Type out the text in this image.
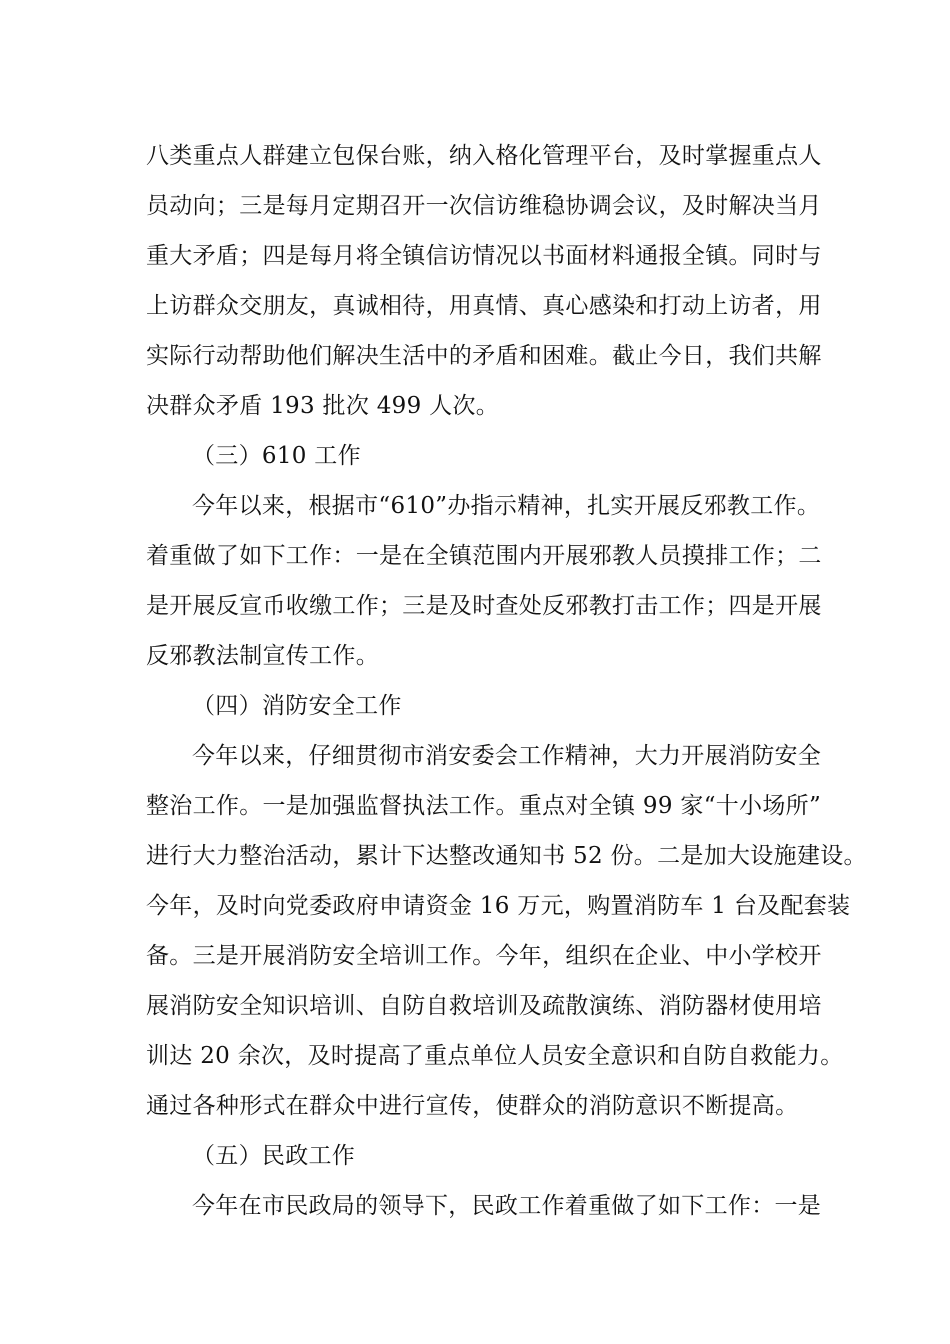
八类重点人群建立包保台账，纳入格化管理平台，及时掌握重点人
员动向；三是每月定期召开一次信访维稳协调会议，及时解决当月
重大矛盾；四是每月将全镇信访情况以书面材料通报全镇。同时与
上访群众交朋友，真诚相待，用真情、真心感染和打动上访者，用
实际行动帮助他们解决生活中的矛盾和困难。截止今日，我们共解
决群众矛盾 193 批次 499 人次。
（三）610 工作
今年以来，根据市“610”办指示精神，扎实开展反邪教工作。
着重做了如下工作：一是在全镇范围内开展邪教人员摸排工作；二
是开展反宣币收缴工作；三是及时查处反邪教打击工作；四是开展
反邪教法制宣传工作。
（四）消防安全工作
今年以来，仔细贯彻市消安委会工作精神，大力开展消防安全
整治工作。一是加强监督执法工作。重点对全镇 99 家“十小场所”
进行大力整治活动，累计下达整改通知书 52 份。二是加大设施建设。
今年，及时向党委政府申请资金 16 万元，购置消防车 1 台及配套装
备。三是开展消防安全培训工作。今年，组织在企业、中小学校开
展消防安全知识培训、自防自救培训及疏散演练、消防器材使用培
训达 20 余次，及时提高了重点单位人员安全意识和自防自救能力。
通过各种形式在群众中进行宣传，使群众的消防意识不断提高。
（五）民政工作
今年在市民政局的领导下，民政工作着重做了如下工作：一是
